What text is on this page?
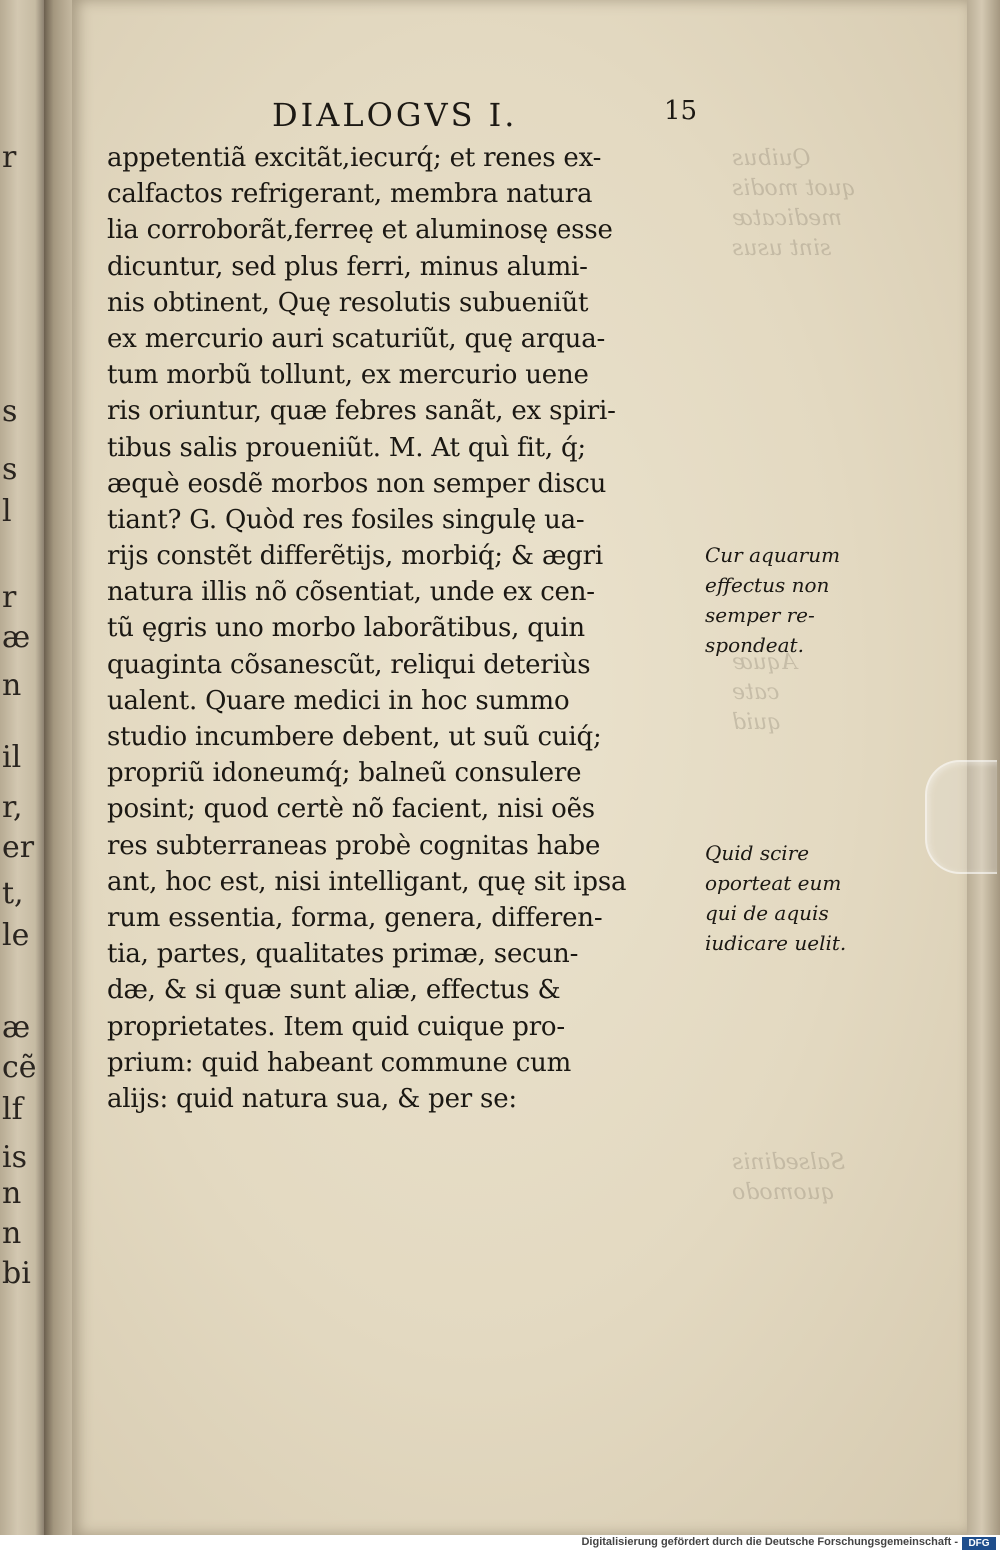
r
s
s
l
r
æ
n
il
r,
er
t,
le
æ
cẽ
lf
is
n
n
bi
DIALOGVS I.	15
appetentiã excitãt,iecurq́; et renes ex-
calfactos refrigerant, membra natura
lia corroborãt,ferreę et aluminosę esse
dicuntur, sed plus ferri, minus alumi-
nis obtinent, Quę resolutis subueniũt
ex mercurio auri scaturiũt, quę arqua-
tum morbũ tollunt, ex mercurio uene
ris oriuntur, quæ febres sanãt, ex spiri-
tibus salis proueniũt. M. At quì fit, q́;
æquè eosdẽ morbos non semper discu
tiant? G. Quòd res fosiles singulę ua-
rijs constẽt differẽtijs, morbiq́; & ægri
natura illis nõ cõsentiat, unde ex cen-
tũ ęgris uno morbo laborãtibus, quin
quaginta cõsanescũt, reliqui deteriùs
ualent. Quare medici in hoc summo
studio incumbere debent, ut suũ cuiq́;
propriũ idoneumq́; balneũ consulere
posint; quod certè nõ facient, nisi oẽs
res subterraneas probè cognitas habe
ant, hoc est, nisi intelligant, quę sit ipsa
rum essentia, forma, genera, differen-
tia, partes, qualitates primæ, secun-
dæ, & si quæ sunt aliæ, effectus &
proprietates. Item quid cuique pro-
prium: quid habeant commune cum
alijs: quid natura sua, & per se:
Cur aquarum
effectus non
semper re-
spondeat.
Quid scire
oporteat eum
qui de aquis
iudicare uelit.
Quibus
quot modis
medicatæ
sint usus
Aquæ
cate
quid
Salsedinis
quomodo
Digitalisierung gefördert durch die Deutsche Forschungsgemeinschaft -	DFG
